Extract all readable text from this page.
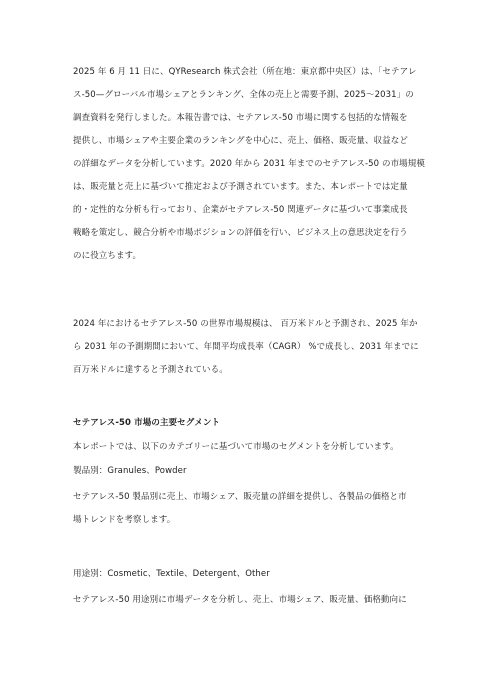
2025 年 6 月 11 日に、QYResearch 株式会社（所在地：東京都中央区）は、「セテアレ
ス-50—グローバル市場シェアとランキング、全体の売上と需要予測、2025～2031」の
調査資料を発行しました。本報告書では、セテアレス-50 市場に関する包括的な情報を
提供し、市場シェアや主要企業のランキングを中心に、売上、価格、販売量、収益など
の詳細なデータを分析しています。2020 年から 2031 年までのセテアレス-50 の市場規模
は、販売量と売上に基づいて推定および予測されています。また、本レポートでは定量
的・定性的な分析も行っており、企業がセテアレス-50 関連データに基づいて事業成長
戦略を策定し、競合分析や市場ポジションの評価を行い、ビジネス上の意思決定を行う
のに役立ちます。
2024 年におけるセテアレス-50 の世界市場規模は、 百万米ドルと予測され、2025 年か
ら 2031 年の予測期間において、年間平均成長率（CAGR） %で成長し、2031 年までに
百万米ドルに達すると予測されている。
セテアレス-50 市場の主要セグメント
本レポートでは、以下のカテゴリーに基づいて市場のセグメントを分析しています。
製品別：Granules、Powder
セテアレス-50 製品別に売上、市場シェア、販売量の詳細を提供し、各製品の価格と市
場トレンドを考察します。
用途別：Cosmetic、Textile、Detergent、Other
セテアレス-50 用途別に市場データを分析し、売上、市場シェア、販売量、価格動向に
